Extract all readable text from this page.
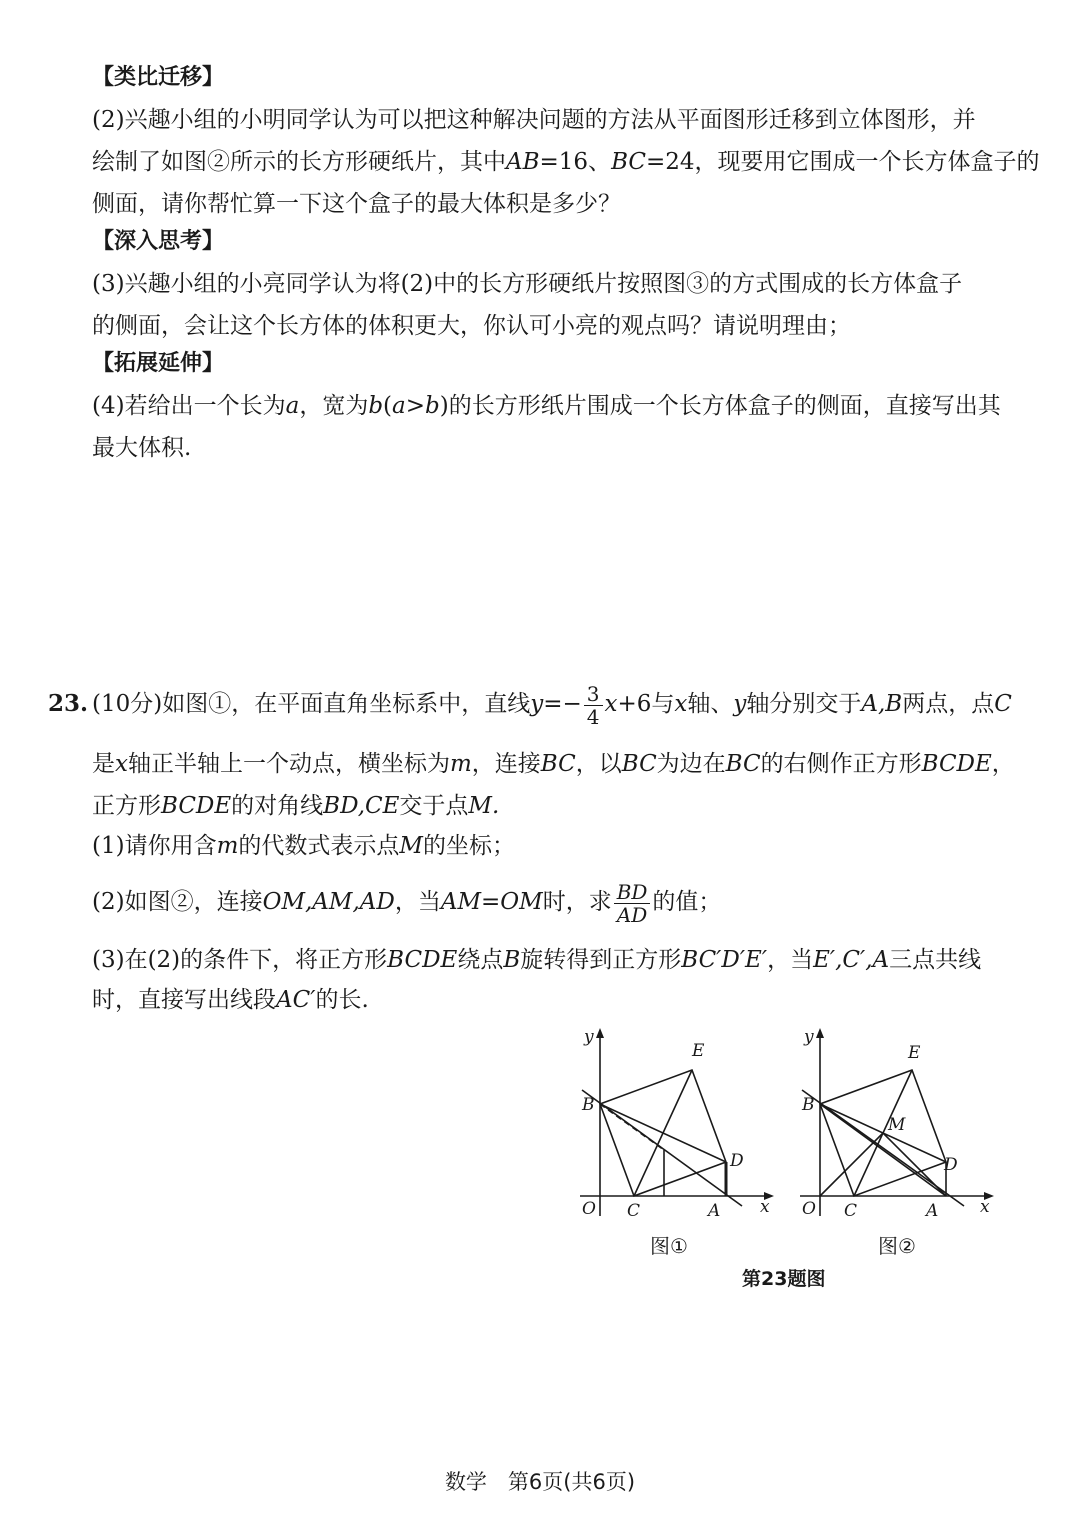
【类比迁移】
(2)兴趣小组的小明同学认为可以把这种解决问题的方法从平面图形迁移到立体图形，并
绘制了如图②所示的长方形硬纸片，其中AB=16、BC=24，现要用它围成一个长方体盒子的
侧面，请你帮忙算一下这个盒子的最大体积是多少？
【深入思考】
(3)兴趣小组的小亮同学认为将(2)中的长方形硬纸片按照图③的方式围成的长方体盒子
的侧面，会让这个长方体的体积更大，你认可小亮的观点吗？请说明理由；
【拓展延伸】
(4)若给出一个长为a，宽为b(a>b)的长方形纸片围成一个长方体盒子的侧面，直接写出其
最大体积.
23. (10分)如图①，在平面直角坐标系中，直线$y=- \frac{3}{4} x+6$与x轴、y轴分别交于A,B两点，点C
是x轴正半轴上一个动点，横坐标为m，连接BC，以BC为边在BC的右侧作正方形BCDE，
正方形BCDE的对角线BD,CE交于点M.
(1)请你用含m的代数式表示点M的坐标；
(2)如图②，连接OM,AM,AD，当AM=OM时，求 $\frac{BD}{AD}$ 的值；
(3)在(2)的条件下，将正方形BCDE绕点B旋转得到正方形BC′D′E′，当E′,C′,A三点共线
时，直接写出线段AC′的长.
y
x
O C	A
B
E
D
y
x
O C	A
B
E
D
M
图①	图②
第23题图
数学　第6页(共6页)
